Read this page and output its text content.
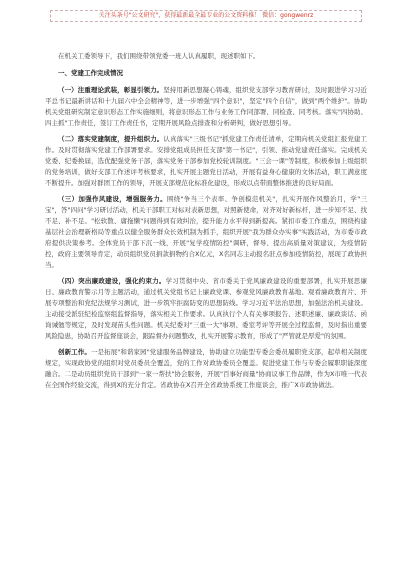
关注头条号"公文研究"，获得最新最全最专业的公文资料推！ 微信：gongwenrz

在机关工委领导下，我们围绕带领党委一班人认真履职，现述职如下。

一、党建工作完成情况

（一）注重理论武装，彰显引领力。坚持用新思想凝心铸魂，组织党支部学习教育研讨，及时跟进学习习近平总书记最新讲话和十九届六中全会精神等，进一步增强"四个意识"，坚定"四个自信"，做到"两个维护"。协助机关党组研究制定意识形态工作实施细则，将意识形态工作与业务工作同部署、同检查、同考核。落实"四协助、四主抓"工作责任，签订工作责任书，定期开展风险点排查和分析研判，做好思想引导。

（二）落实党建制度，提升组织力。认真落实"三级书记"抓党建工作责任清单，定期向机关党组汇报党建工作。及时贯彻落实党建工作部署要求。安排党组成员担任支部"第一书记"，引领、推动党建责任落实。完成机关党委、纪委换届，选优配强党务干部，落实党务干部参加党校轮训制度。"三会一课"等制度，积极参加上级组织的党务培训，做好支部工作述评考核要求，扎实开展主题党日活动，开展有益身心健康的文体活动，职工满意度不断提升。加强对群团工作的领导，开展支部规范化标准化建设，形成以点带面整体推进的良好局面。

（三）加强作风建设，增强服务力。围绕"争当三个表率、争创模范机关"，扎实开展作风整治月，学"三宝"，答"四问"学习研讨活动，机关干部职工对标对表新思想，对照新使命，对齐对好新标杆，进一步知不足、找不足、补不足。"松软散、庸拖懒"问题得到有效纠治，提升能力水平得到新提高。紧扣市委工作重点，围绕构建基层社会治理新格局等重点以健全服务群众长效机制为抓手，组织开展"我为群众办实事"实践活动，为市委市政府提供决策参考。全体党员干部下沉一线，开展"复学疫情防控"调研，督导、提出高质量对策建议，为疫情防控，政府主要领导肯定，动员组织党员捐款捐物约合X亿元，X名同志主动报名驻点参加疫情防控，展现了政协担当。

（四）突出廉政建设，强化约束力。学习贯彻中央、省市委关于党风廉政建设的重要部署，扎实开展思廉日、廉政教育警示月等主题活动，通过机关党组书记上廉政党课、参观党风廉政教育基地、观看廉政教育片、开展专项整治和党纪法规学习测试，进一步筑牢拒腐防变的思想防线。学习习近平法治思想，加强法治机关建设。主动接受派驻纪检监察组监督指导，落实相关工作要求。认真执行个人有关事项报告、述职述廉、廉政谈话、函询诫勉等规定，及时发现苗头性问题。机关纪委对"三重一大"事项、委室考评等开展全过程监督，及时指出重要风险隐患，协助召开监督座谈会，跟踪督办问题整改，扎实开展警示教育，形成了"严管就是厚爱"的氛围。

创新工作。一是拓展"和谐家园"党建服务品牌建设，协助建立功能型专委会委员履职党支部，起草相关制度规定，实现政协党的组织对党员委员全覆盖，党的工作对政协委员全覆盖。促进党建工作与专委会履职职能深度融合。二是动员组织党员干部到"一家一帮扶"协会服务，开展"百事好商量"协商议事工作品牌，作为X市唯一代表在全国作经验交流，得到X的充分肯定。省政协在X召开全省政协系统工作座谈会，推广X市政协做法。
